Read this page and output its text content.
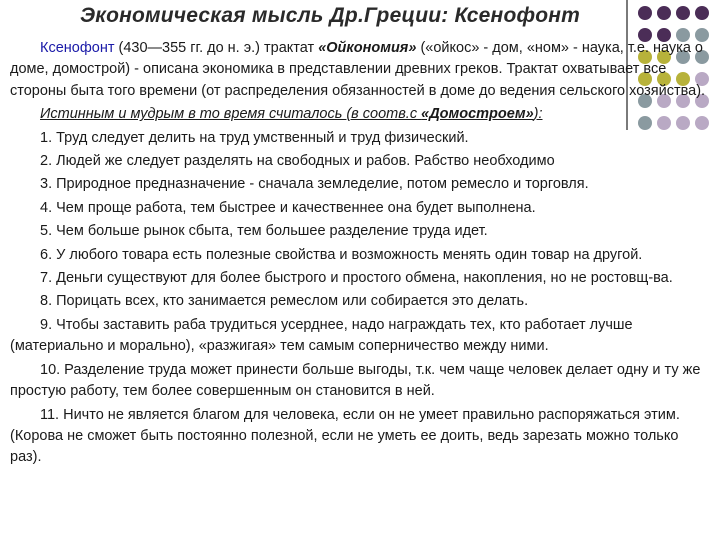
Экономическая мысль Др.Греции: Ксенофонт

Ксенофонт (430—355 гг. до н. э.) трактат «Ойкономия» («ойкос» - дом, «ном» - наука, т.е. наука о доме, домострой) - описана экономика в представлении древних греков. Трактат охватывает все стороны быта того времени (от распределения обязанностей в доме до ведения сельского хозяйства).

Истинным и мудрым в то время считалось (в соотв.с «Домостроем»):

1. Труд следует делить на труд умственный и труд физический.

2. Людей же следует разделять на свободных и рабов. Рабство необходимо

3. Природное предназначение - сначала земледелие, потом ремесло и торговля.

4. Чем проще работа, тем быстрее и качественнее она будет выполнена.

5. Чем больше рынок сбыта, тем большее разделение труда идет.

6. У любого товара есть полезные свойства и возможность менять один товар на другой.

7. Деньги существуют для более быстрого и простого обмена, накопления, но не ростовщ-ва.

8. Порицать всех, кто занимается ремеслом или собирается это делать.

9. Чтобы заставить раба трудиться усерднее, надо награждать тех, кто работает лучше (материально и морально), «разжигая» тем самым соперничество между ними.

10. Разделение труда может принести больше выгоды, т.к. чем чаще человек делает одну и ту же простую работу, тем более совершенным он становится в ней.

11. Ничто не является благом для человека, если он не умеет правильно распоряжаться этим. (Корова не сможет быть постоянно полезной, если не уметь ее доить, ведь зарезать можно только раз).
